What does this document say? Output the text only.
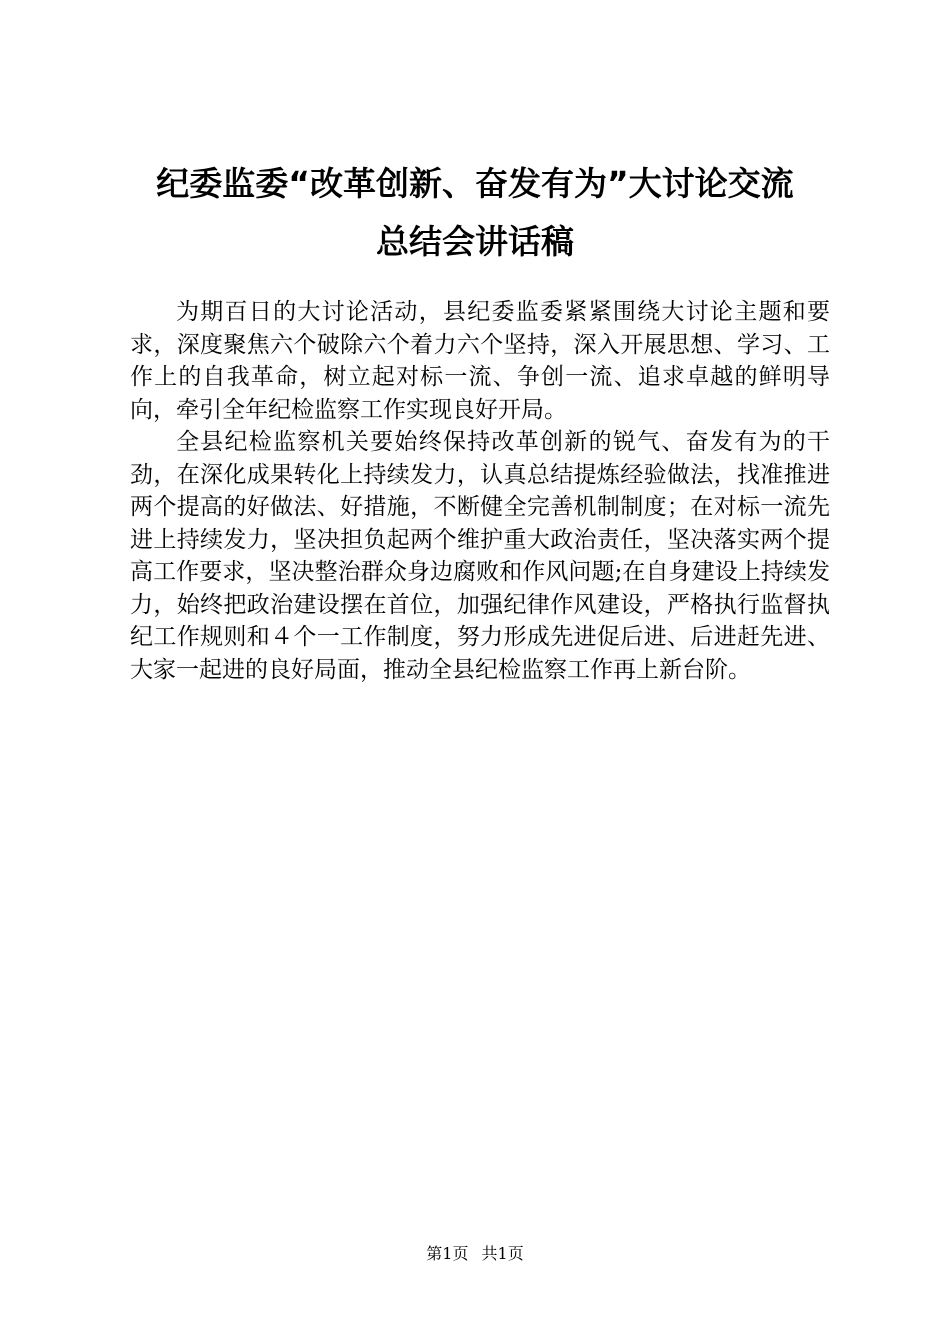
纪委监委“改革创新、奋发有为”大讨论交流
总结会讲话稿

为期百日的大讨论活动，县纪委监委紧紧围绕大讨论主题和要求，深度聚焦六个破除六个着力六个坚持，深入开展思想、学习、工作上的自我革命，树立起对标一流、争创一流、追求卓越的鲜明导向，牵引全年纪检监察工作实现良好开局。

全县纪检监察机关要始终保持改革创新的锐气、奋发有为的干劲，在深化成果转化上持续发力，认真总结提炼经验做法，找准推进两个提高的好做法、好措施，不断健全完善机制制度；在对标一流先进上持续发力，坚决担负起两个维护重大政治责任，坚决落实两个提高工作要求，坚决整治群众身边腐败和作风问题;在自身建设上持续发力，始终把政治建设摆在首位，加强纪律作风建设，严格执行监督执纪工作规则和４个一工作制度，努力形成先进促后进、后进赶先进、大家一起进的良好局面，推动全县纪检监察工作再上新台阶。

第1页 共1页
